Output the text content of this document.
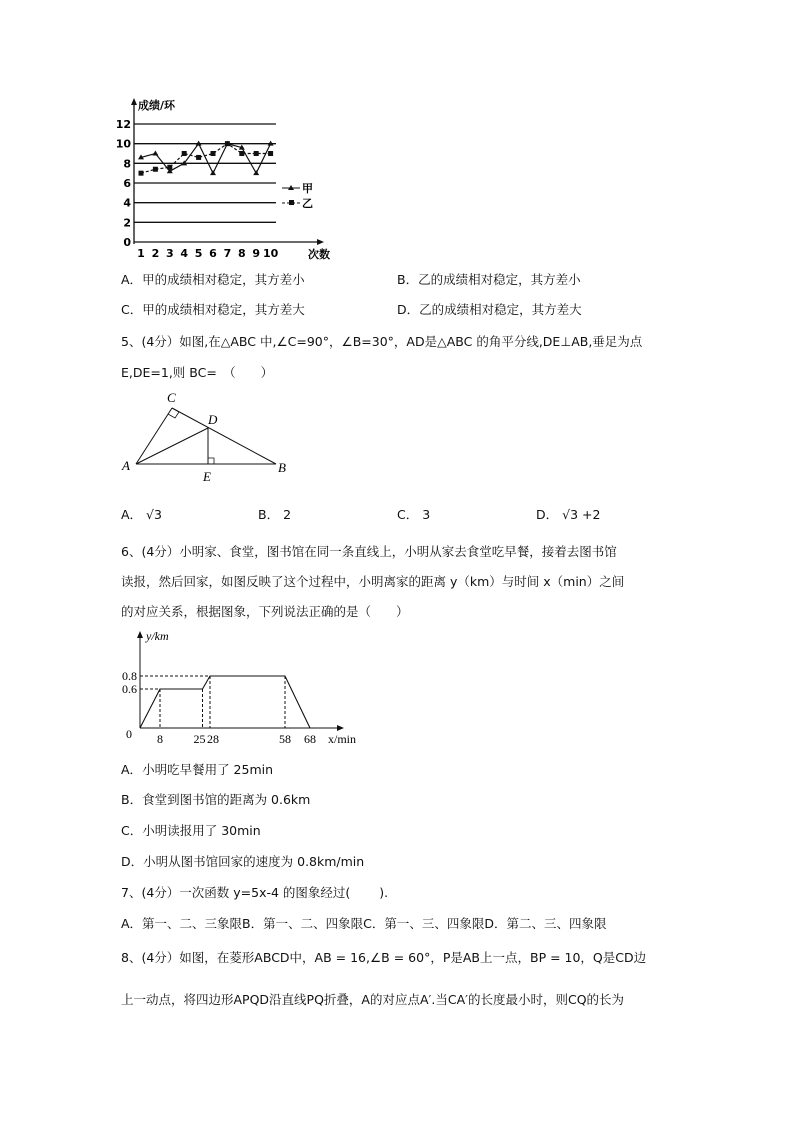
成绩/环
次数
0
2
4
6
8
10
12
1 2 3 4 5 6 7 8 9 10
甲
乙
A．甲的成绩相对稳定，其方差小	B．乙的成绩相对稳定，其方差小
C．甲的成绩相对稳定，其方差大	D．乙的成绩相对稳定，其方差大
5、(4分）如图,在△ABC 中,∠C=90°，∠B=30°，AD是△ABC 的角平分线,DE⊥AB,垂足为点
E,DE=1,则 BC=　（　　）
A	B
C
D
E
A． √3	B． 2	C． 3	D． √3 +2
6、(4分）小明家、食堂，图书馆在同一条直线上，小明从家去食堂吃早餐，接着去图书馆
读报，然后回家，如图反映了这个过程中，小明离家的距离 y（km）与时间 x（min）之间
的对应关系，根据图象，下列说法正确的是（　　）
0.6
0.8
8	25 28	58 68
y/km
x/min
0
A．小明吃早餐用了 25min
B．食堂到图书馆的距离为 0.6km
C．小明读报用了 30min
D．小明从图书馆回家的速度为 0.8km/min
7、(4分）一次函数 y=5x-4 的图象经过(　　 ).
A．第一、二、三象限B．第一、二、四象限C．第一、三、四象限D．第二、三、四象限
8、(4分）如图，在菱形ABCD中，AB = 16,∠B = 60°，P是AB上一点，BP = 10，Q是CD边
上一动点，将四边形APQD沿直线PQ折叠，A的对应点A′.当CA′的长度最小时，则CQ的长为
